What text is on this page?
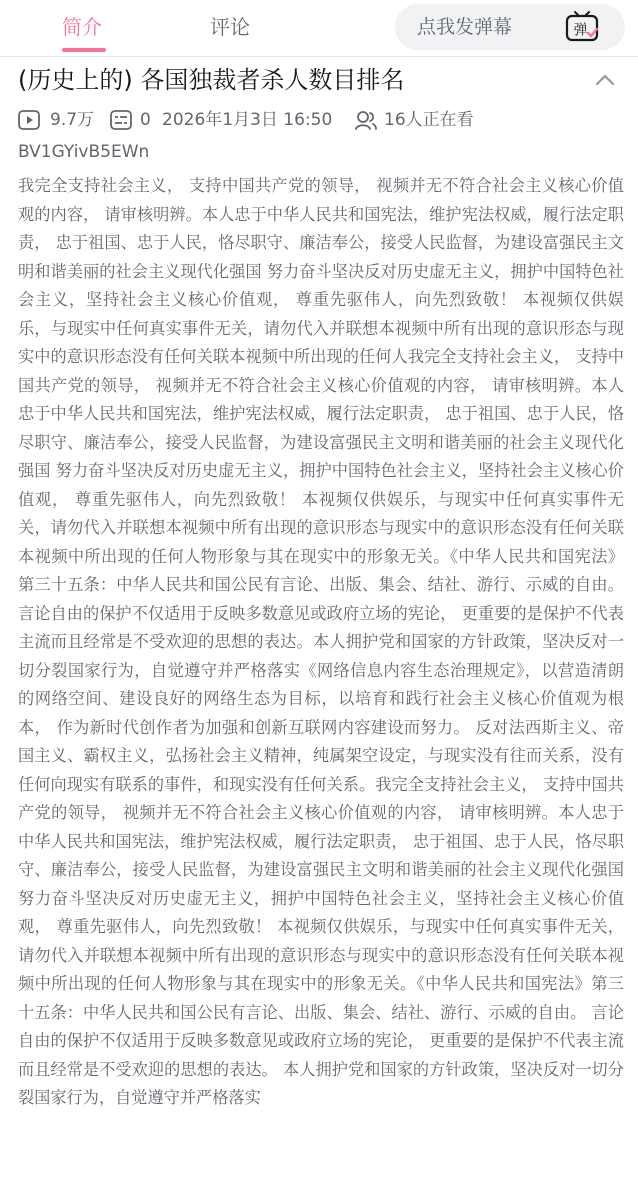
简介	评论	点我发弹幕	弹
(历史上的) 各国独裁者杀人数目排名
9.7万	0 2026年1月3日 16:50	16人正在看
BV1GYivB5EWn
我完全支持社会主义， 支持中国共产党的领导， 视频并无不符合社会主义核心价值观的内容， 请审核明辨。本人忠于中华人民共和国宪法，维护宪法权威，履行法定职责， 忠于祖国、忠于人民，恪尽职守、廉洁奉公，接受人民监督，为建设富强民主文明和谐美丽的社会主义现代化强国 努力奋斗坚决反对历史虚无主义，拥护中国特色社会主义，坚持社会主义核心价值观， 尊重先驱伟人，向先烈致敬！ 本视频仅供娱乐，与现实中任何真实事件无关，请勿代入并联想本视频中所有出现的意识形态与现实中的意识形态没有任何关联本视频中所出现的任何人我完全支持社会主义， 支持中国共产党的领导， 视频并无不符合社会主义核心价值观的内容， 请审核明辨。本人忠于中华人民共和国宪法，维护宪法权威，履行法定职责， 忠于祖国、忠于人民，恪尽职守、廉洁奉公，接受人民监督，为建设富强民主文明和谐美丽的社会主义现代化强国 努力奋斗坚决反对历史虚无主义，拥护中国特色社会主义，坚持社会主义核心价值观， 尊重先驱伟人，向先烈致敬！ 本视频仅供娱乐，与现实中任何真实事件无关，请勿代入并联想本视频中所有出现的意识形态与现实中的意识形态没有任何关联本视频中所出现的任何人物形象与其在现实中的形象无关。《中华人民共和国宪法》第三十五条：中华人民共和国公民有言论、出版、集会、结社、游行、示威的自由。 言论自由的保护不仅适用于反映多数意见或政府立场的宪论， 更重要的是保护不代表主流而且经常是不受欢迎的思想的表达。本人拥护党和国家的方针政策，坚决反对一切分裂国家行为，自觉遵守并严格落实《网络信息内容生态治理规定》，以营造清朗的网络空间、建设良好的网络生态为目标，以培育和践行社会主义核心价值观为根本， 作为新时代创作者为加强和创新互联网内容建设而努力。 反对法西斯主义、帝国主义、霸权主义，弘扬社会主义精神，纯属架空设定，与现实没有往而关系，没有任何向现实有联系的事件，和现实没有任何关系。我完全支持社会主义， 支持中国共产党的领导， 视频并无不符合社会主义核心价值观的内容， 请审核明辨。本人忠于中华人民共和国宪法，维护宪法权威，履行法定职责， 忠于祖国、忠于人民，恪尽职守、廉洁奉公，接受人民监督，为建设富强民主文明和谐美丽的社会主义现代化强国 努力奋斗坚决反对历史虚无主义，拥护中国特色社会主义，坚持社会主义核心价值观， 尊重先驱伟人，向先烈致敬！ 本视频仅供娱乐，与现实中任何真实事件无关，请勿代入并联想本视频中所有出现的意识形态与现实中的意识形态没有任何关联本视频中所出现的任何人物形象与其在现实中的形象无关。《中华人民共和国宪法》第三十五条：中华人民共和国公民有言论、出版、集会、结社、游行、示威的自由。 言论自由的保护不仅适用于反映多数意见或政府立场的宪论， 更重要的是保护不代表主流而且经常是不受欢迎的思想的表达。 本人拥护党和国家的方针政策，坚决反对一切分裂国家行为，自觉遵守并严格落实
